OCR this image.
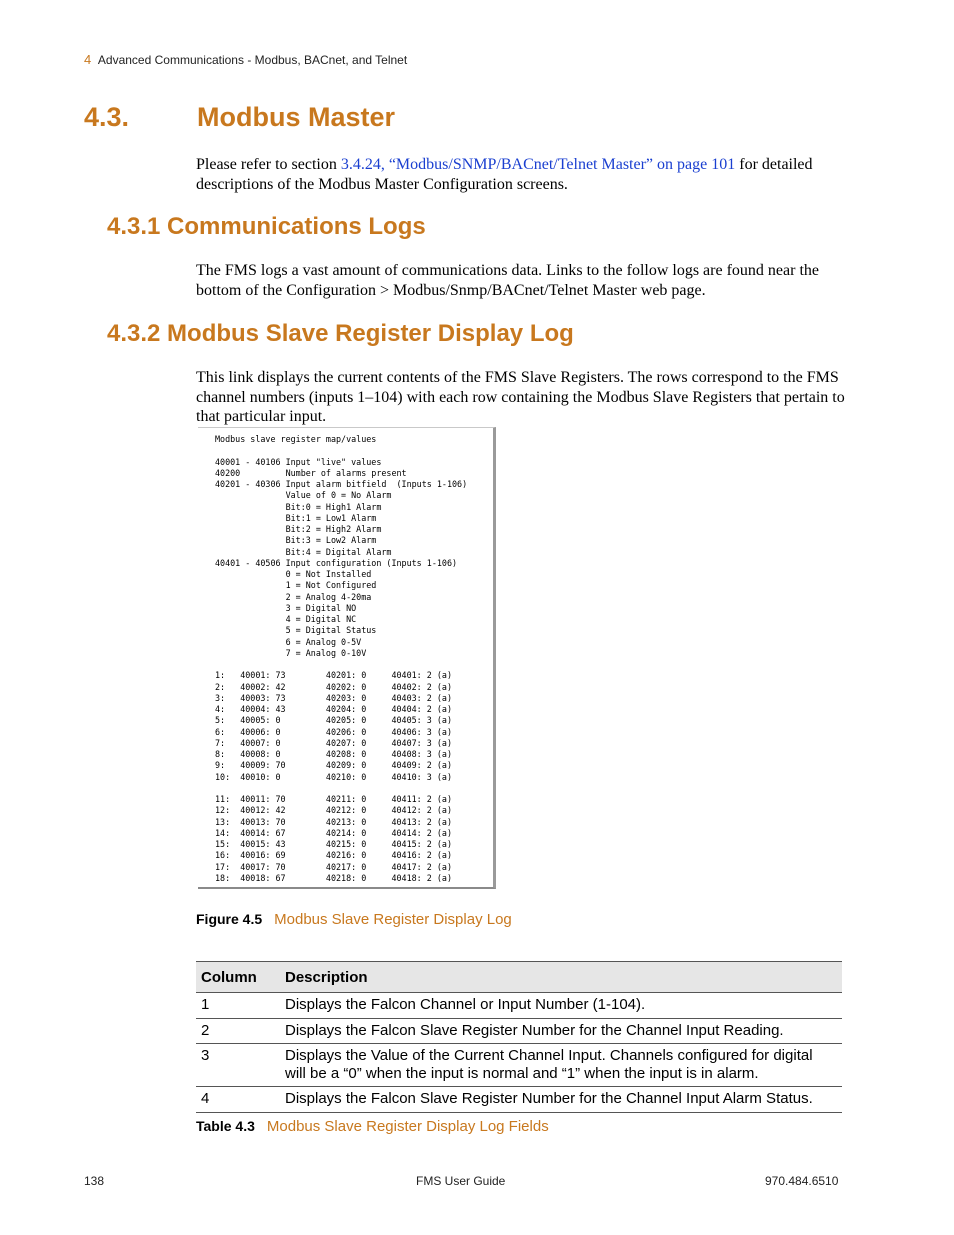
4 Advanced Communications - Modbus, BACnet, and Telnet
4.3.	Modbus Master

Please refer to section 3.4.24, “Modbus/SNMP/BACnet/Telnet Master” on page 101 for detailed descriptions of the Modbus Master Configuration screens.

4.3.1 Communications Logs

The FMS logs a vast amount of communications data. Links to the follow logs are found near the bottom of the Configuration > Modbus/Snmp/BACnet/Telnet Master web page.

4.3.2 Modbus Slave Register Display Log

This link displays the current contents of the FMS Slave Registers. The rows correspond to the FMS channel numbers (inputs 1–104) with each row containing the Modbus Slave Registers that pertain to that particular input.

Modbus slave register map/values
40001 - 40106 Input "live" values
40200         Number of alarms present
40201 - 40306 Input alarm bitfield  (Inputs 1-106)
Value of 0 = No Alarm
Bit:0 = High1 Alarm
Bit:1 = Low1 Alarm
Bit:2 = High2 Alarm
Bit:3 = Low2 Alarm
Bit:4 = Digital Alarm
40401 - 40506 Input configuration (Inputs 1-106)
0 = Not Installed
1 = Not Configured
2 = Analog 4-20ma
3 = Digital NO
4 = Digital NC
5 = Digital Status
6 = Analog 0-5V
7 = Analog 0-10V
1:   40001: 73        40201: 0     40401: 2 (a)
2:   40002: 42        40202: 0     40402: 2 (a)
3:   40003: 73        40203: 0     40403: 2 (a)
4:   40004: 43        40204: 0     40404: 2 (a)
5:   40005: 0         40205: 0     40405: 3 (a)
6:   40006: 0         40206: 0     40406: 3 (a)
7:   40007: 0         40207: 0     40407: 3 (a)
8:   40008: 0         40208: 0     40408: 3 (a)
9:   40009: 70        40209: 0     40409: 2 (a)
10:  40010: 0         40210: 0     40410: 3 (a)
11:  40011: 70        40211: 0     40411: 2 (a)
12:  40012: 42        40212: 0     40412: 2 (a)
13:  40013: 70        40213: 0     40413: 2 (a)
14:  40014: 67        40214: 0     40414: 2 (a)
15:  40015: 43        40215: 0     40415: 2 (a)
16:  40016: 69        40216: 0     40416: 2 (a)
17:  40017: 70        40217: 0     40417: 2 (a)
18:  40018: 67        40218: 0     40418: 2 (a)
Figure 4.5 Modbus Slave Register Display Log
Column	Description
1	Displays the Falcon Channel or Input Number (1-104).
2	Displays the Falcon Slave Register Number for the Channel Input Reading.
3	Displays the Value of the Current Channel Input. Channels configured for digital will be a “0” when the input is normal and “1” when the input is in alarm.
4	Displays the Falcon Slave Register Number for the Channel Input Alarm Status.
Table 4.3 Modbus Slave Register Display Log Fields
138	FMS User Guide	970.484.6510
